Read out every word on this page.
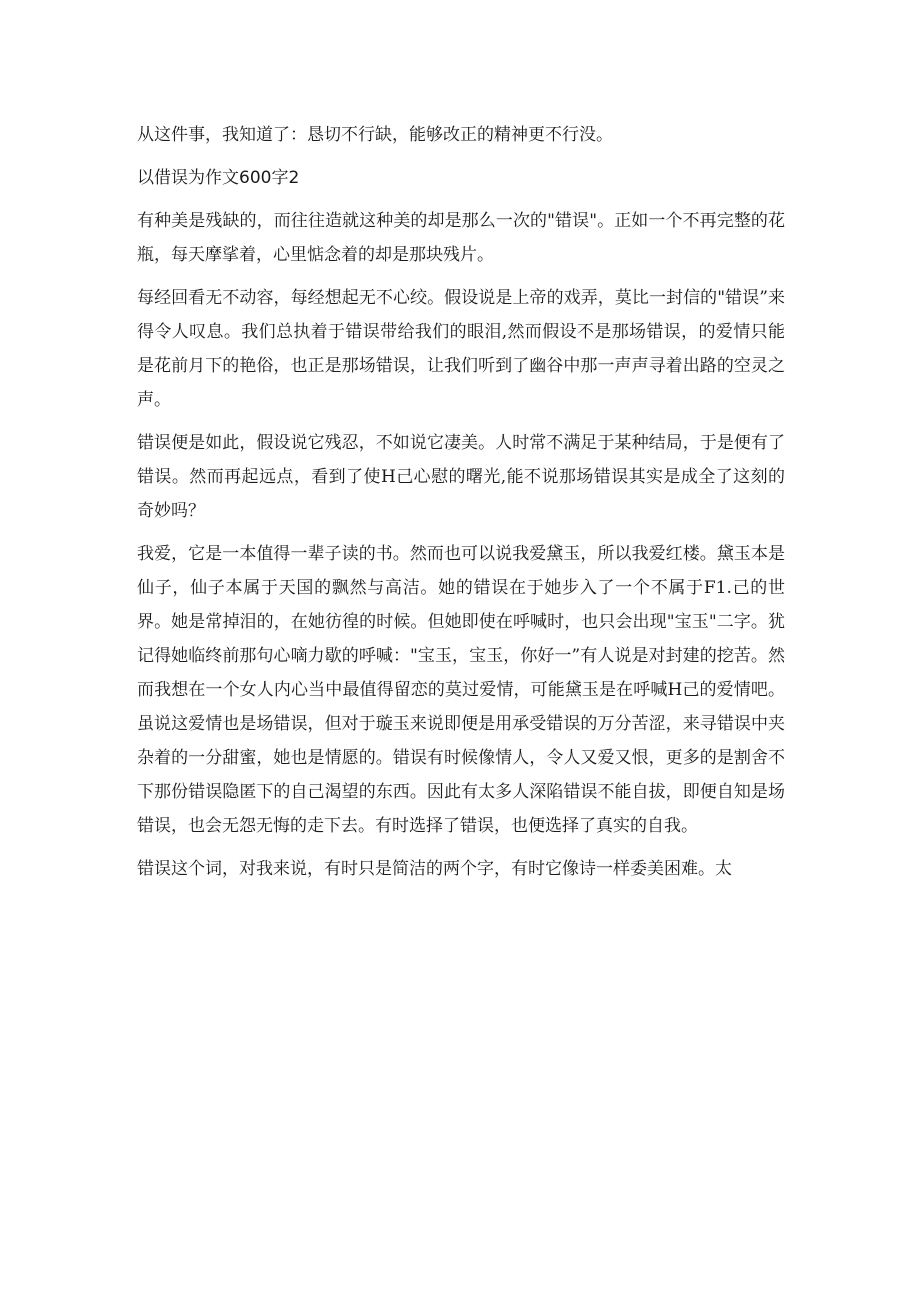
从这件事，我知道了：恳切不行缺，能够改正的精神更不行没。

以借误为作文600字2

有种美是残缺的，而往往造就这种美的却是那么一次的"错误"。正如一个不再完整的花瓶，每天摩挲着，心里惦念着的却是那块残片。

每经回看无不动容，每经想起无不心绞。假设说是上帝的戏弄，莫比一封信的"错误”来得令人叹息。我们总执着于错误带给我们的眼泪,然而假设不是那场错误，的爱情只能是花前月下的艳俗，也正是那场错误，让我们听到了幽谷中那一声声寻着出路的空灵之声。

错误便是如此，假设说它残忍，不如说它凄美。人时常不满足于某种结局，于是便有了错误。然而再起远点，看到了使H己心慰的曙光,能不说那场错误其实是成全了这刻的奇妙吗？

我爱，它是一本值得一辈子读的书。然而也可以说我爱黛玉，所以我爱红楼。黛玉本是仙子，仙子本属于天国的飘然与高洁。她的错误在于她步入了一个不属于F1.己的世界。她是常掉泪的，在她彷徨的时候。但她即使在呼喊时，也只会出现"宝玉"二字。犹记得她临终前那句心嘀力歇的呼喊："宝玉，宝玉，你好一”有人说是对封建的挖苦。然而我想在一个女人内心当中最值得留恋的莫过爱情，可能黛玉是在呼喊H己的爱情吧。虽说这爱情也是场错误，但对于璇玉来说即便是用承受错误的万分苦涩，来寻错误中夹杂着的一分甜蜜，她也是情愿的。错误有时候像情人，令人又爱又恨，更多的是割舍不下那份错误隐匿下的自己渴望的东西。因此有太多人深陷错误不能自拔，即便自知是场错误，也会无怨无悔的走下去。有时选择了错误，也便选择了真实的自我。

错误这个词，对我来说，有时只是简洁的两个字，有时它像诗一样委美困难。太
